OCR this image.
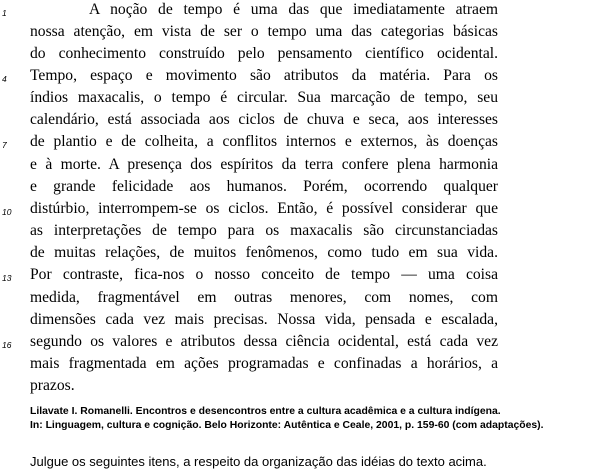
1
4
7
10
13
16
A noção de tempo é uma das que imediatamente atraem
nossa atenção, em vista de ser o tempo uma das categorias básicas
do conhecimento construído pelo pensamento científico ocidental.
Tempo, espaço e movimento são atributos da matéria. Para os
índios maxacalis, o tempo é circular. Sua marcação de tempo, seu
calendário, está associada aos ciclos de chuva e seca, aos interesses
de plantio e de colheita, a conflitos internos e externos, às doenças
e à morte. A presença dos espíritos da terra confere plena harmonia
e grande felicidade aos humanos. Porém, ocorrendo qualquer
distúrbio, interrompem-se os ciclos. Então, é possível considerar que
as interpretações de tempo para os maxacalis são circunstanciadas
de muitas relações, de muitos fenômenos, como tudo em sua vida.
Por contraste, fica-nos o nosso conceito de tempo — uma coisa
medida, fragmentável em outras menores, com nomes, com
dimensões cada vez mais precisas. Nossa vida, pensada e escalada,
segundo os valores e atributos dessa ciência ocidental, está cada vez
mais fragmentada em ações programadas e confinadas a horários, a
prazos.
Lilavate I. Romanelli. Encontros e desencontros entre a cultura acadêmica e a cultura indígena.
In: Linguagem, cultura e cognição. Belo Horizonte: Autêntica e Ceale, 2001, p. 159-60 (com adaptações).
Julgue os seguintes itens, a respeito da organização das idéias do texto acima.
